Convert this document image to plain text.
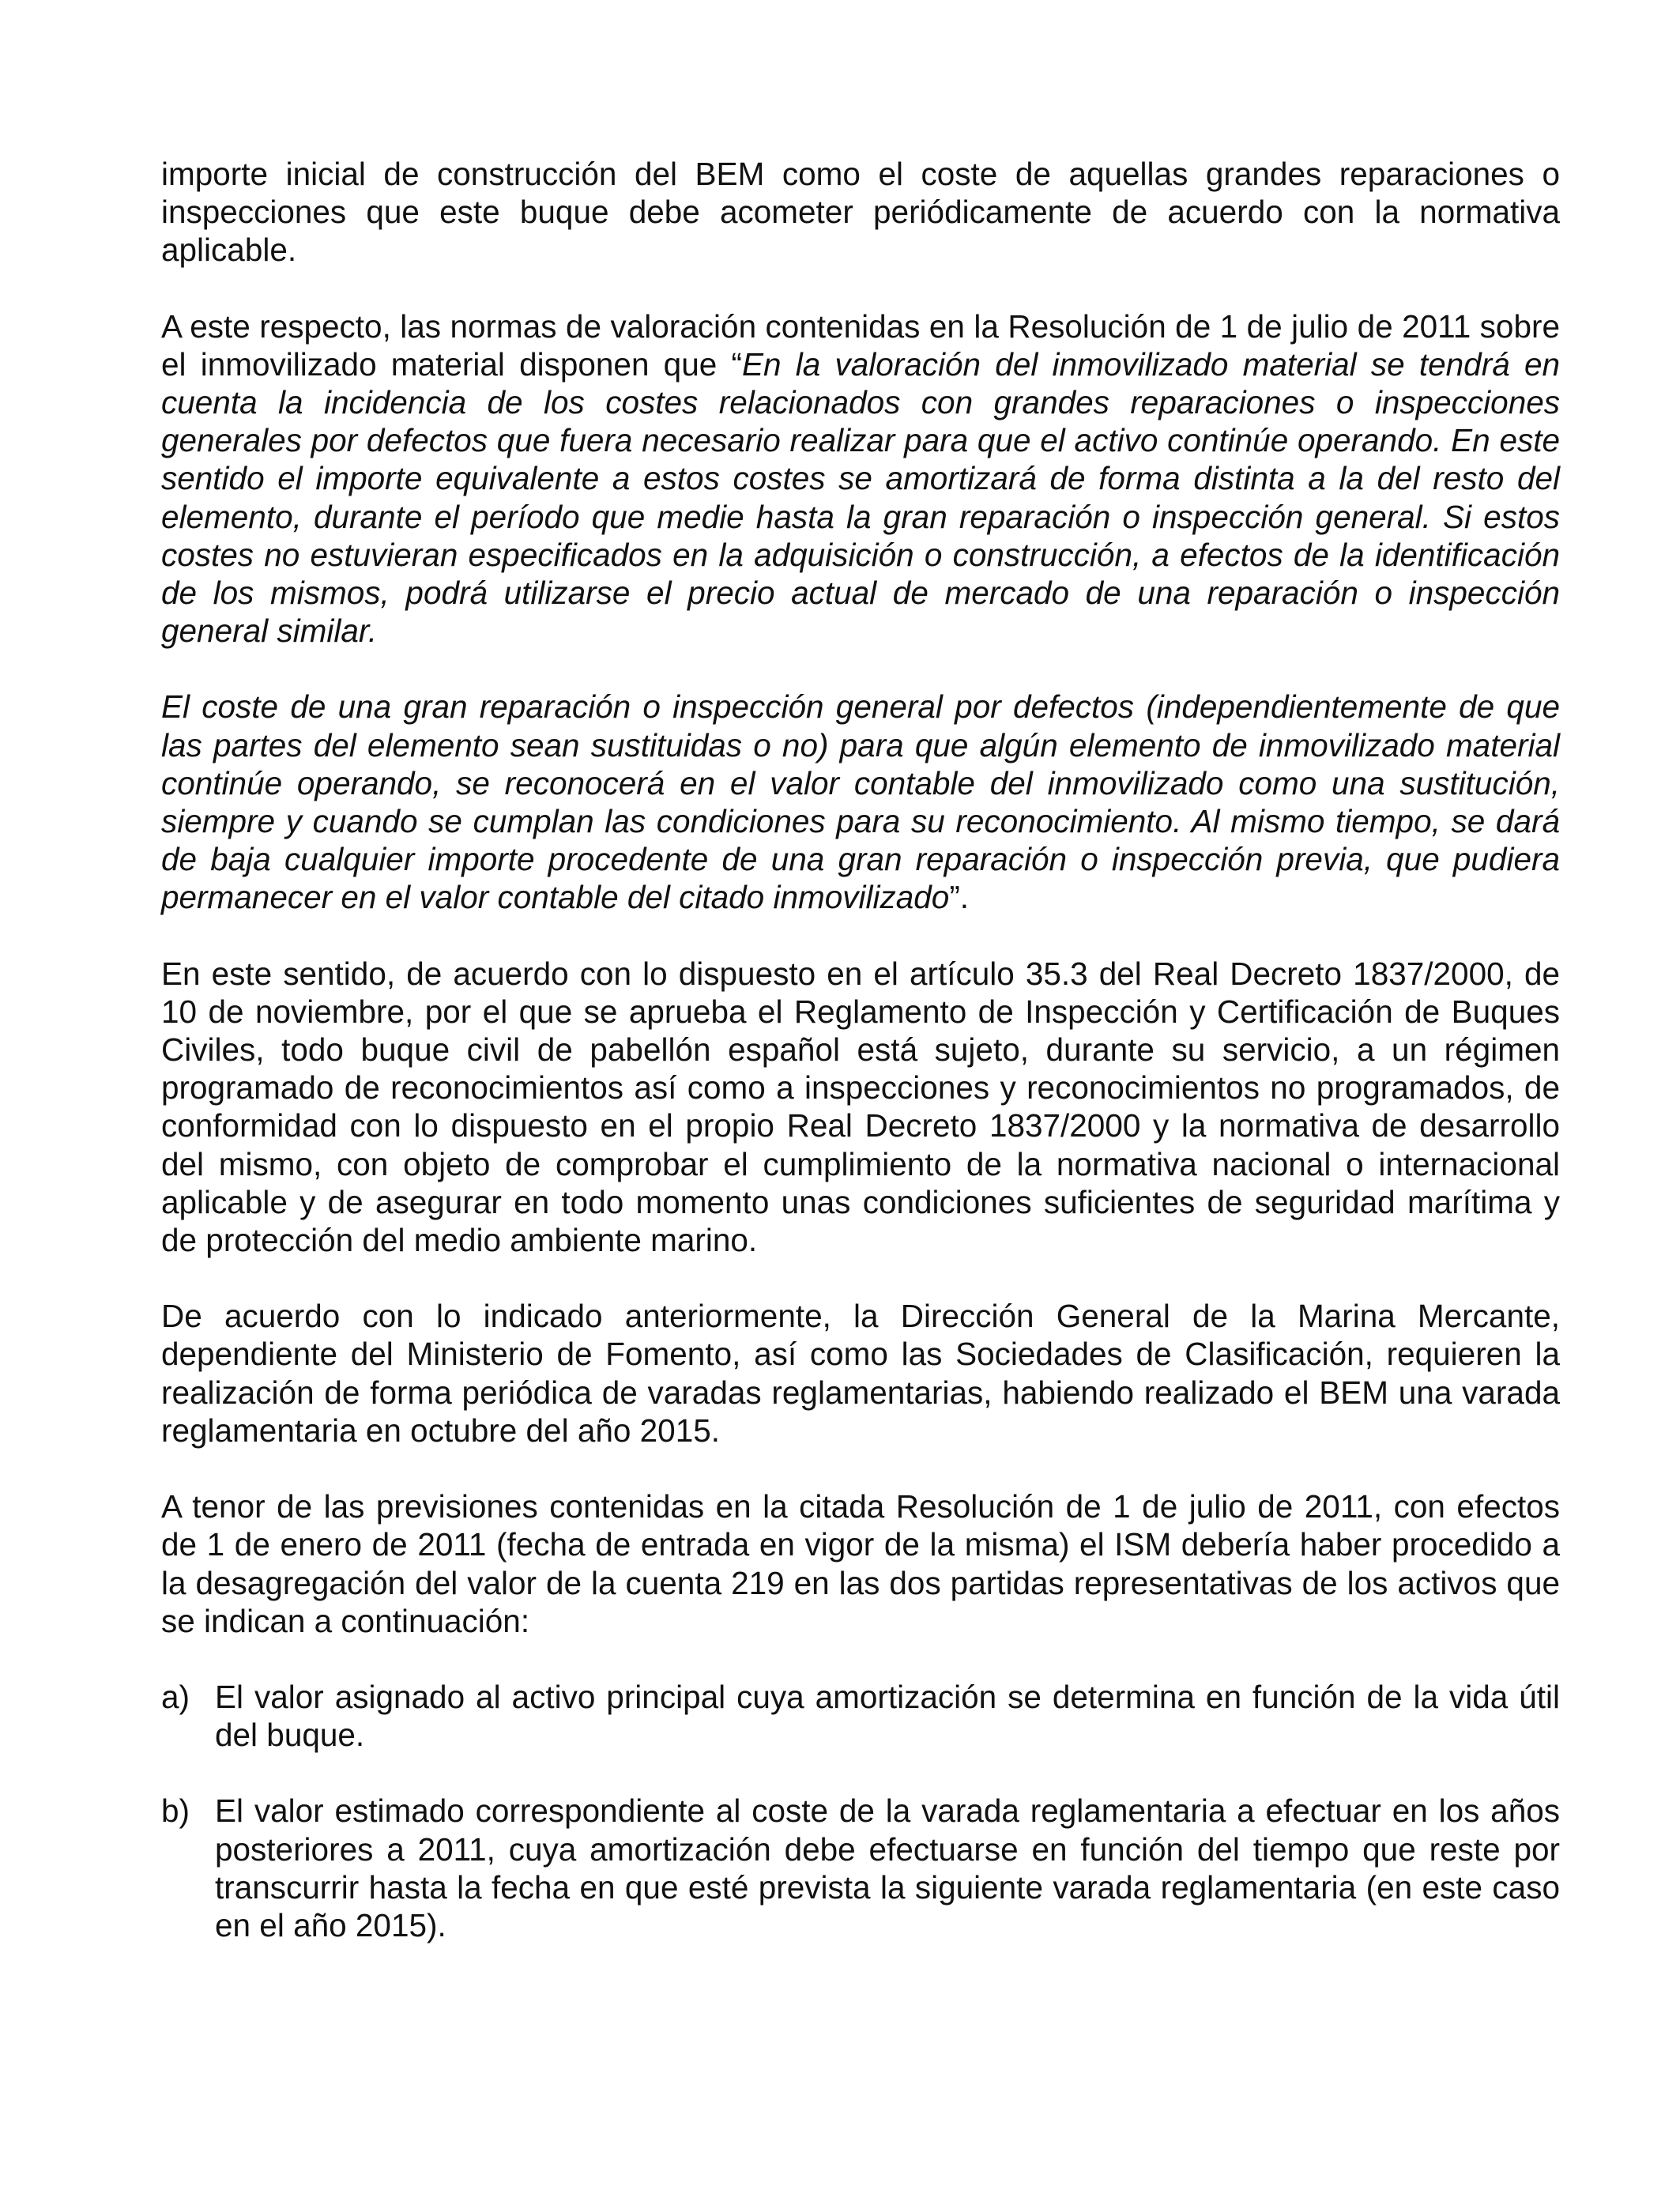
importe inicial de construcción del BEM como el coste de aquellas grandes reparaciones o inspecciones que este buque debe acometer periódicamente de acuerdo con la normativa aplicable.

A este respecto, las normas de valoración contenidas en la Resolución de 1 de julio de 2011 sobre el inmovilizado material disponen que “En la valoración del inmovilizado material se tendrá en cuenta la incidencia de los costes relacionados con grandes reparaciones o inspecciones generales por defectos que fuera necesario realizar para que el activo continúe operando. En este sentido el importe equivalente a estos costes se amortizará de forma distinta a la del resto del elemento, durante el período que medie hasta la gran reparación o inspección general. Si estos costes no estuvieran especificados en la adquisición o construcción, a efectos de la identificación de los mismos, podrá utilizarse el precio actual de mercado de una reparación o inspección general similar.

El coste de una gran reparación o inspección general por defectos (independientemente de que las partes del elemento sean sustituidas o no) para que algún elemento de inmovilizado material continúe operando, se reconocerá en el valor contable del inmovilizado como una sustitución, siempre y cuando se cumplan las condiciones para su reconocimiento. Al mismo tiempo, se dará de baja cualquier importe procedente de una gran reparación o inspección previa, que pudiera permanecer en el valor contable del citado inmovilizado”.

En este sentido, de acuerdo con lo dispuesto en el artículo 35.3 del Real Decreto 1837/2000, de 10 de noviembre, por el que se aprueba el Reglamento de Inspección y Certificación de Buques Civiles, todo buque civil de pabellón español está sujeto, durante su servicio, a un régimen programado de reconocimientos así como a inspecciones y reconocimientos no programados, de conformidad con lo dispuesto en el propio Real Decreto 1837/2000 y la normativa de desarrollo del mismo, con objeto de comprobar el cumplimiento de la normativa nacional o internacional aplicable y de asegurar en todo momento unas condiciones suficientes de seguridad marítima y de protección del medio ambiente marino.

De acuerdo con lo indicado anteriormente, la Dirección General de la Marina Mercante, dependiente del Ministerio de Fomento, así como las Sociedades de Clasificación, requieren la realización de forma periódica de varadas reglamentarias, habiendo realizado el BEM una varada reglamentaria en octubre del año 2015.

A tenor de las previsiones contenidas en la citada Resolución de 1 de julio de 2011, con efectos de 1 de enero de 2011 (fecha de entrada en vigor de la misma) el ISM debería haber procedido a la desagregación del valor de la cuenta 219 en las dos partidas representativas de los activos que se indican a continuación:

a) El valor asignado al activo principal cuya amortización se determina en función de la vida útil del buque.
b) El valor estimado correspondiente al coste de la varada reglamentaria a efectuar en los años posteriores a 2011, cuya amortización debe efectuarse en función del tiempo que reste por transcurrir hasta la fecha en que esté prevista la siguiente varada reglamentaria (en este caso en el año 2015).
